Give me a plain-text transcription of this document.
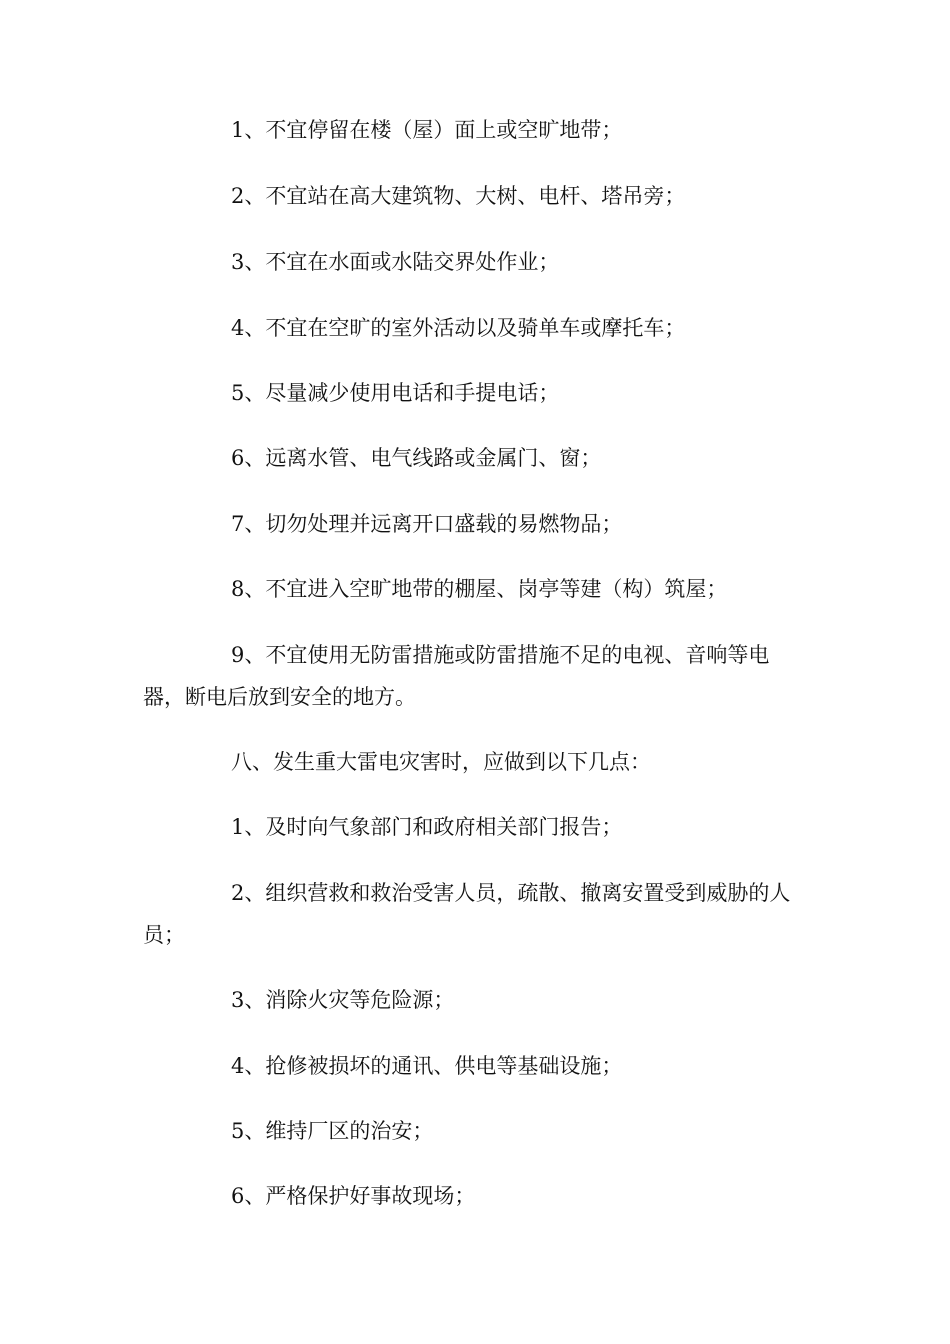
1、不宜停留在楼（屋）面上或空旷地带；

2、不宜站在高大建筑物、大树、电杆、塔吊旁；

3、不宜在水面或水陆交界处作业；

4、不宜在空旷的室外活动以及骑单车或摩托车；

5、尽量减少使用电话和手提电话；

6、远离水管、电气线路或金属门、窗；

7、切勿处理并远离开口盛载的易燃物品；

8、不宜进入空旷地带的棚屋、岗亭等建（构）筑屋；

9、不宜使用无防雷措施或防雷措施不足的电视、音响等电器，断电后放到安全的地方。

八、发生重大雷电灾害时，应做到以下几点：

1、及时向气象部门和政府相关部门报告；

2、组织营救和救治受害人员，疏散、撤离安置受到威胁的人员；

3、消除火灾等危险源；

4、抢修被损坏的通讯、供电等基础设施；

5、维持厂区的治安；

6、严格保护好事故现场；
